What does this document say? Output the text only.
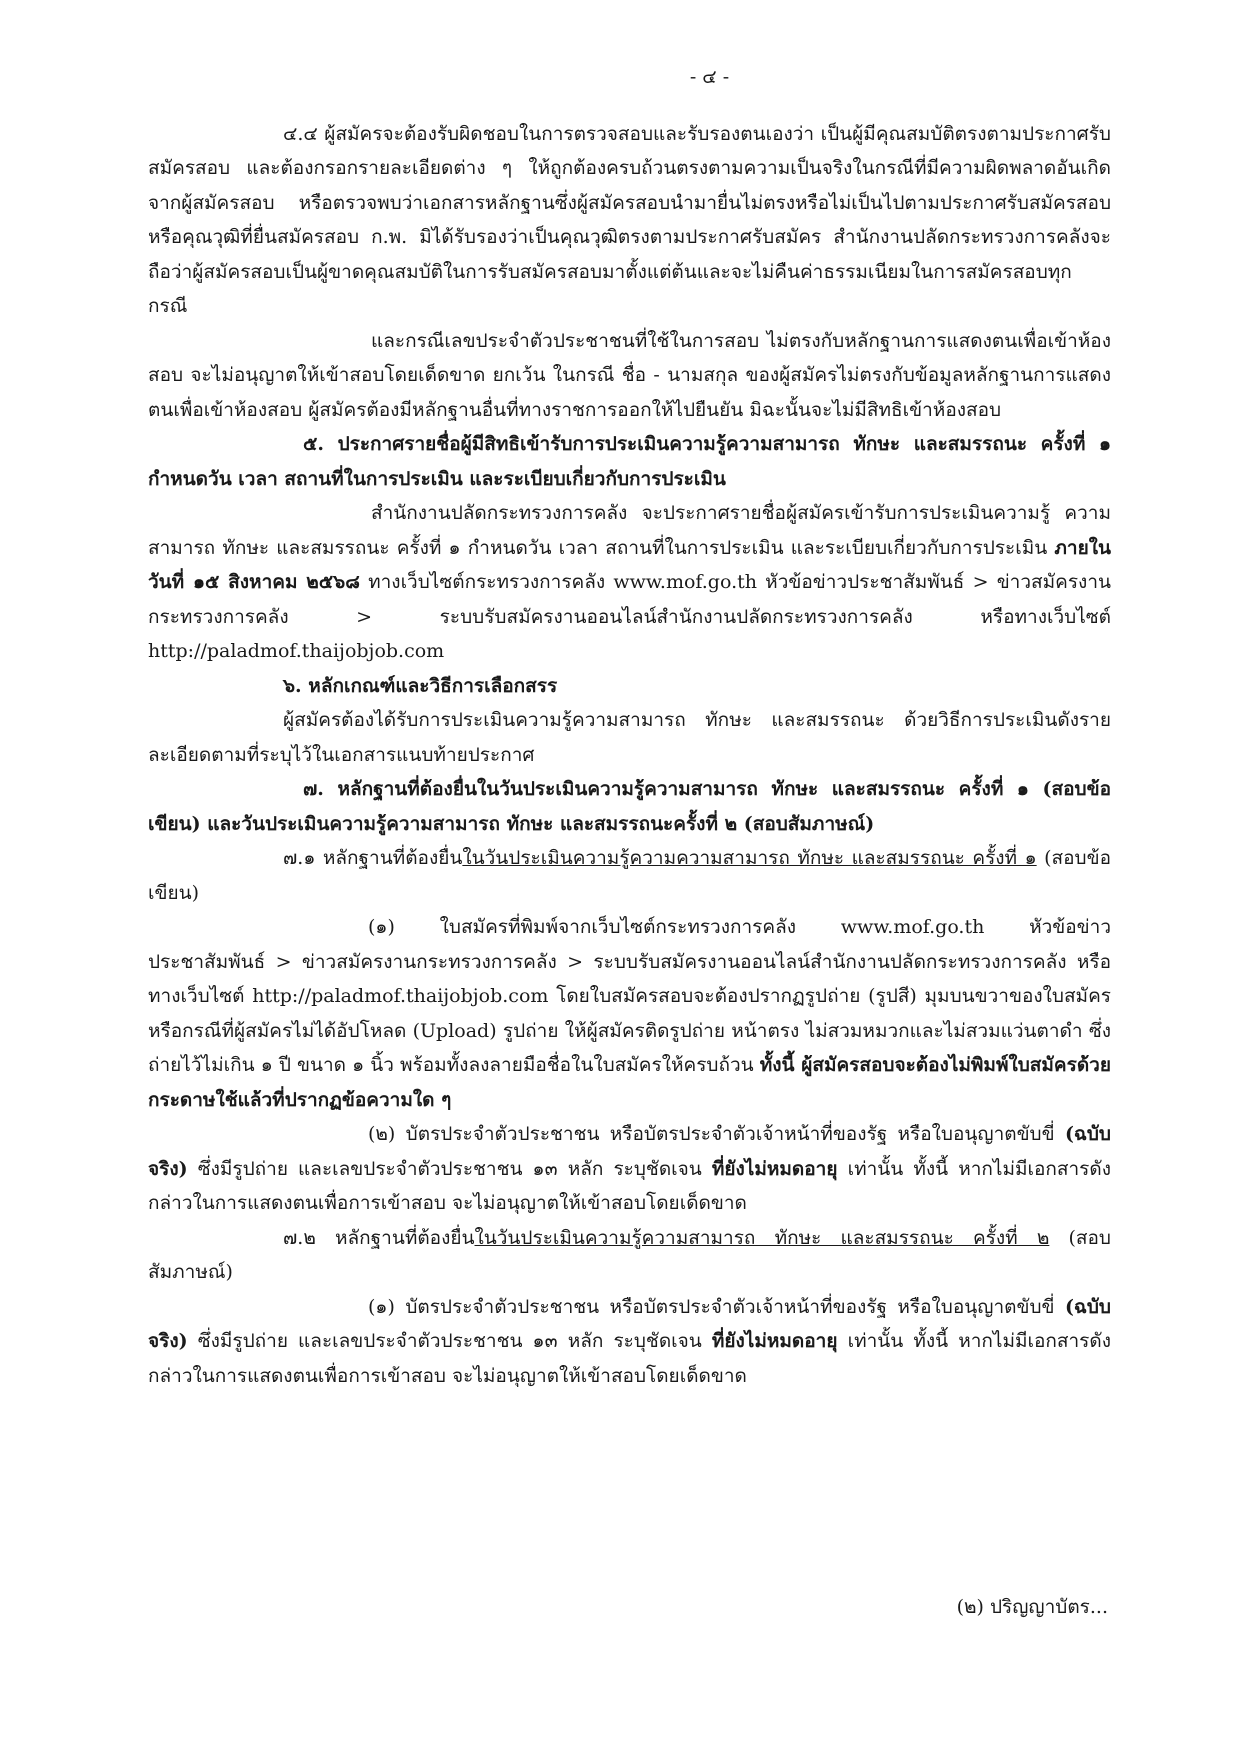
- ๔ -

๔.๔ ผู้สมัครจะต้องรับผิดชอบในการตรวจสอบและรับรองตนเองว่า เป็นผู้มีคุณสมบัติตรงตามประกาศรับสมัครสอบ และต้องกรอกรายละเอียดต่าง ๆ ให้ถูกต้องครบถ้วนตรงตามความเป็นจริงในกรณีที่มีความผิดพลาดอันเกิดจากผู้สมัครสอบ หรือตรวจพบว่าเอกสารหลักฐานซึ่งผู้สมัครสอบนำมายื่นไม่ตรงหรือไม่เป็นไปตามประกาศรับสมัครสอบ หรือคุณวุฒิที่ยื่นสมัครสอบ ก.พ. มิได้รับรองว่าเป็นคุณวุฒิตรงตามประกาศรับสมัคร สำนักงานปลัดกระทรวงการคลังจะถือว่าผู้สมัครสอบเป็นผู้ขาดคุณสมบัติในการรับสมัครสอบมาตั้งแต่ต้นและจะไม่คืนค่าธรรมเนียมในการสมัครสอบทุกกรณี

และกรณีเลขประจำตัวประชาชนที่ใช้ในการสอบ ไม่ตรงกับหลักฐานการแสดงตนเพื่อเข้าห้องสอบ จะไม่อนุญาตให้เข้าสอบโดยเด็ดขาด ยกเว้น ในกรณี ชื่อ - นามสกุล ของผู้สมัครไม่ตรงกับข้อมูลหลักฐานการแสดงตนเพื่อเข้าห้องสอบ ผู้สมัครต้องมีหลักฐานอื่นที่ทางราชการออกให้ไปยืนยัน มิฉะนั้นจะไม่มีสิทธิเข้าห้องสอบ

๕. ประกาศรายชื่อผู้มีสิทธิเข้ารับการประเมินความรู้ความสามารถ ทักษะ และสมรรถนะ ครั้งที่ ๑ กำหนดวัน เวลา สถานที่ในการประเมิน และระเบียบเกี่ยวกับการประเมิน

สำนักงานปลัดกระทรวงการคลัง จะประกาศรายชื่อผู้สมัครเข้ารับการประเมินความรู้ ความสามารถ ทักษะ และสมรรถนะ ครั้งที่ ๑ กำหนดวัน เวลา สถานที่ในการประเมิน และระเบียบเกี่ยวกับการประเมิน ภายในวันที่ ๑๕ สิงหาคม ๒๕๖๘ ทางเว็บไซต์กระทรวงการคลัง www.mof.go.th หัวข้อข่าวประชาสัมพันธ์ > ข่าวสมัครงานกระทรวงการคลัง > ระบบรับสมัครงานออนไลน์สำนักงานปลัดกระทรวงการคลัง หรือทางเว็บไซต์ http://paladmof.thaijobjob.com

๖. หลักเกณฑ์และวิธีการเลือกสรร

ผู้สมัครต้องได้รับการประเมินความรู้ความสามารถ ทักษะ และสมรรถนะ ด้วยวิธีการประเมินดังรายละเอียดตามที่ระบุไว้ในเอกสารแนบท้ายประกาศ

๗. หลักฐานที่ต้องยื่นในวันประเมินความรู้ความสามารถ ทักษะ และสมรรถนะ ครั้งที่ ๑ (สอบข้อเขียน) และวันประเมินความรู้ความสามารถ ทักษะ และสมรรถนะครั้งที่ ๒ (สอบสัมภาษณ์)

๗.๑ หลักฐานที่ต้องยื่นในวันประเมินความรู้ความความสามารถ ทักษะ และสมรรถนะ ครั้งที่ ๑ (สอบข้อเขียน)

(๑) ใบสมัครที่พิมพ์จากเว็บไซต์กระทรวงการคลัง www.mof.go.th หัวข้อข่าวประชาสัมพันธ์ > ข่าวสมัครงานกระทรวงการคลัง > ระบบรับสมัครงานออนไลน์สำนักงานปลัดกระทรวงการคลัง หรือทางเว็บไซต์ http://paladmof.thaijobjob.com โดยใบสมัครสอบจะต้องปรากฏรูปถ่าย (รูปสี) มุมบนขวาของใบสมัคร หรือกรณีที่ผู้สมัครไม่ได้อัปโหลด (Upload) รูปถ่าย ให้ผู้สมัครติดรูปถ่าย หน้าตรง ไม่สวมหมวกและไม่สวมแว่นตาดำ ซึ่งถ่ายไว้ไม่เกิน ๑ ปี ขนาด ๑ นิ้ว พร้อมทั้งลงลายมือชื่อในใบสมัครให้ครบถ้วน ทั้งนี้ ผู้สมัครสอบจะต้องไม่พิมพ์ใบสมัครด้วยกระดาษใช้แล้วที่ปรากฏข้อความใด ๆ

(๒) บัตรประจำตัวประชาชน หรือบัตรประจำตัวเจ้าหน้าที่ของรัฐ หรือใบอนุญาตขับขี่ (ฉบับจริง) ซึ่งมีรูปถ่าย และเลขประจำตัวประชาชน ๑๓ หลัก ระบุชัดเจน ที่ยังไม่หมดอายุ เท่านั้น ทั้งนี้ หากไม่มีเอกสารดังกล่าวในการแสดงตนเพื่อการเข้าสอบ จะไม่อนุญาตให้เข้าสอบโดยเด็ดขาด

๗.๒ หลักฐานที่ต้องยื่นในวันประเมินความรู้ความสามารถ ทักษะ และสมรรถนะ ครั้งที่ ๒ (สอบสัมภาษณ์)

(๑) บัตรประจำตัวประชาชน หรือบัตรประจำตัวเจ้าหน้าที่ของรัฐ หรือใบอนุญาตขับขี่ (ฉบับจริง) ซึ่งมีรูปถ่าย และเลขประจำตัวประชาชน ๑๓ หลัก ระบุชัดเจน ที่ยังไม่หมดอายุ เท่านั้น ทั้งนี้ หากไม่มีเอกสารดังกล่าวในการแสดงตนเพื่อการเข้าสอบ จะไม่อนุญาตให้เข้าสอบโดยเด็ดขาด

(๒) ปริญญาบัตร...
